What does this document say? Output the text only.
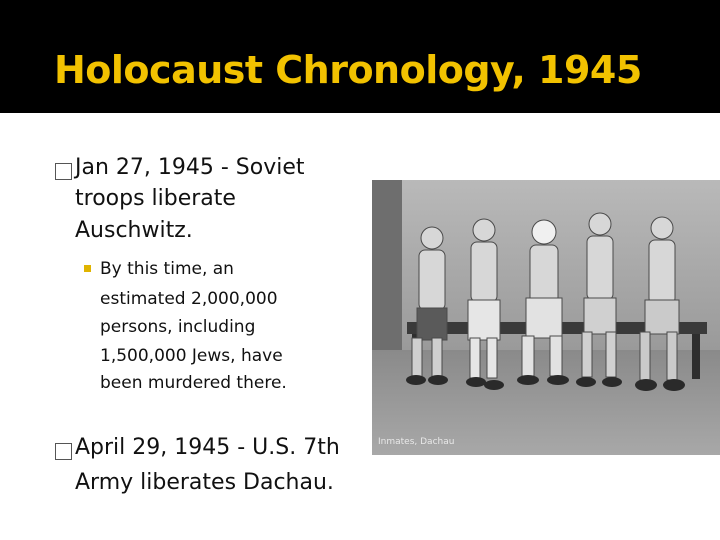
Holocaust Chronology, 1945
Jan 27, 1945 - Soviet
troops liberate
Auschwitz.
By this time, an
estimated 2,000,000
persons, including
1,500,000 Jews, have
been murdered there.
April 29, 1945 - U.S. 7th
Army liberates Dachau.
Inmates, Dachau
